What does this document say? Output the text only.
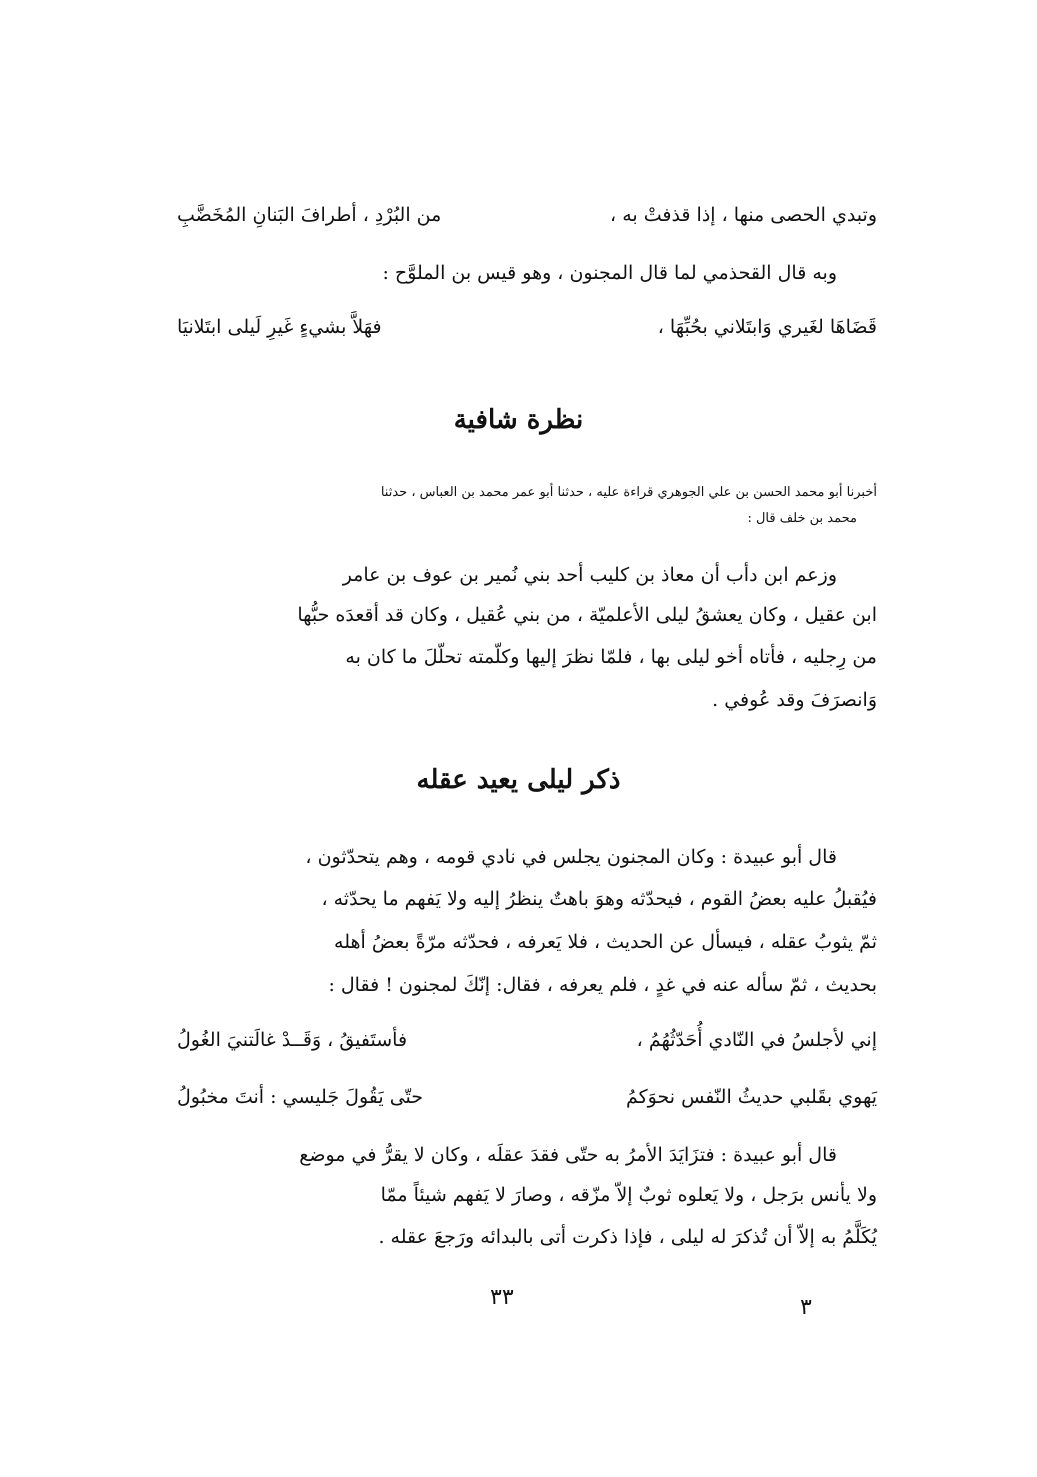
وتبدي الحصى منها ، إذا قذفتْ به ،
من البُرْدِ ، أطرافَ البَنانِ المُخَضَّبِ
وبه قال القحذمي لما قال المجنون ، وهو قيس بن الملوَّح :
قَضَاهَا لغَيري وَابتَلاني بحُبِّهَا ،
فهَلاَّ بشيءٍ غَيرِ لَيلى ابتَلانيَا
نظرة شافية
أخبرنا أبو محمد الحسن بن علي الجوهري قراءة عليه ، حدثنا أبو عمر محمد بن العباس ، حدثنا
محمد بن خلف قال :
وزعم ابن دأب أن معاذ بن كليب أحد بني نُمير بن عوف بن عامر
ابن عقيل ، وكان يعشقُ ليلى الأعلميّة ، من بني عُقيل ، وكان قد أقعدَه حبُّها
من رِجليه ، فأتاه أخو ليلى بها ، فلمّا نظرَ إليها وكلّمته تحلّلَ ما كان به
وَانصرَفَ وقد عُوفي .
ذكر ليلى يعيد عقله
قال أبو عبيدة : وكان المجنون يجلس في نادي قومه ، وهم يتحدّثون ،
فيُقبلُ عليه بعضُ القوم ، فيحدّثه وهوَ باهتٌ ينظرُ إليه ولا يَفهم ما يحدّثه ،
ثمّ يثوبُ عقله ، فيسأل عن الحديث ، فلا يَعرفه ، فحدّثه مرّةً بعضُ أهله
بحديث ، ثمّ سأله عنه في غدٍ ، فلم يعرفه ، فقال: إنّكَ لمجنون ! فقال :
إني لأجلسُ في النّادي أُحَدّثُهُمُ ،
فأستَفيقُ ، وَقَــدْ غالَتنيَ الغُولُ
يَهوي بقَلبي حديثُ النّفس نحوَكمُ
حتّى يَقُولَ جَليسي : أنتَ مخبُولُ
قال أبو عبيدة : فتزَايَدَ الأمرُ به حتّى فقدَ عقلَه ، وكان لا يقرُّ في موضع
ولا يأنس برَجل ، ولا يَعلوه ثوبٌ إلاّ مزّقه ، وصارَ لا يَفهم شيئاً ممّا
يُكَلَّمُ به إلاّ أن تُذكرَ له ليلى ، فإذا ذكرت أتى بالبدائه ورَجعَ عقله .
٣٣	٣
